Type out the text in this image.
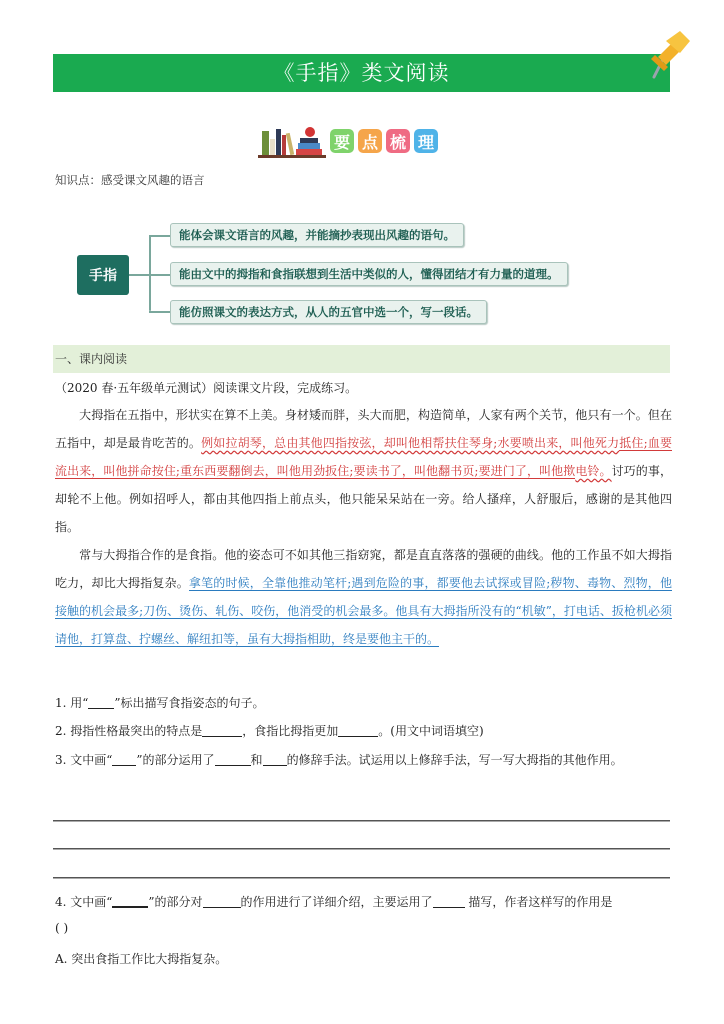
《手指》类文阅读
要 点 梳 理
知识点：感受课文风趣的语言
手指
能体会课文语言的风趣，并能摘抄表现出风趣的语句。
能由文中的拇指和食指联想到生活中类似的人，懂得团结才有力量的道理。
能仿照课文的表达方式，从人的五官中选一个，写一段话。
一、课内阅读
（2020 春·五年级单元测试）阅读课文片段，完成练习。
大拇指在五指中，形状实在算不上美。身材矮而胖，头大而肥，构造简单，人家有两个关节，他只有一个。但在五指中，却是最肯吃苦的。例如拉胡琴，总由其他四指按弦，却叫他相帮扶住琴身;水要喷出来，叫他死力抵住;血要流出来，叫他拼命按住;重东西要翻倒去，叫他用劲扳住;要读书了，叫他翻书页;要进门了，叫他揿电铃。讨巧的事，却轮不上他。例如招呼人，都由其他四指上前点头，他只能呆呆站在一旁。给人搔痒，人舒服后，感谢的是其他四指。
常与大拇指合作的是食指。他的姿态可不如其他三指窈窕，都是直直落落的强硬的曲线。他的工作虽不如大拇指吃力，却比大拇指复杂。拿笔的时候，全靠他推动笔杆;遇到危险的事，都要他去试探或冒险;秽物、毒物、烈物，他接触的机会最多;刀伤、烫伤、轧伤、咬伤，他消受的机会最多。他具有大拇指所没有的“机敏”，打电话、扳枪机必须请他，打算盘、拧螺丝、解纽扣等，虽有大拇指相助，终是要他主干的。
1. 用“ ”标出描写食指姿态的句子。
2. 拇指性格最突出的特点是	，食指比拇指更加	。(用文中词语填空)
3. 文中画“ ”的部分运用了	和 的修辞手法。试运用以上修辞手法，写一写大拇指的其他作用。
4. 文中画“	”的部分对	的作用进行了详细介绍，主要运用了	描写，作者这样写的作用是
( )
A. 突出食指工作比大拇指复杂。
